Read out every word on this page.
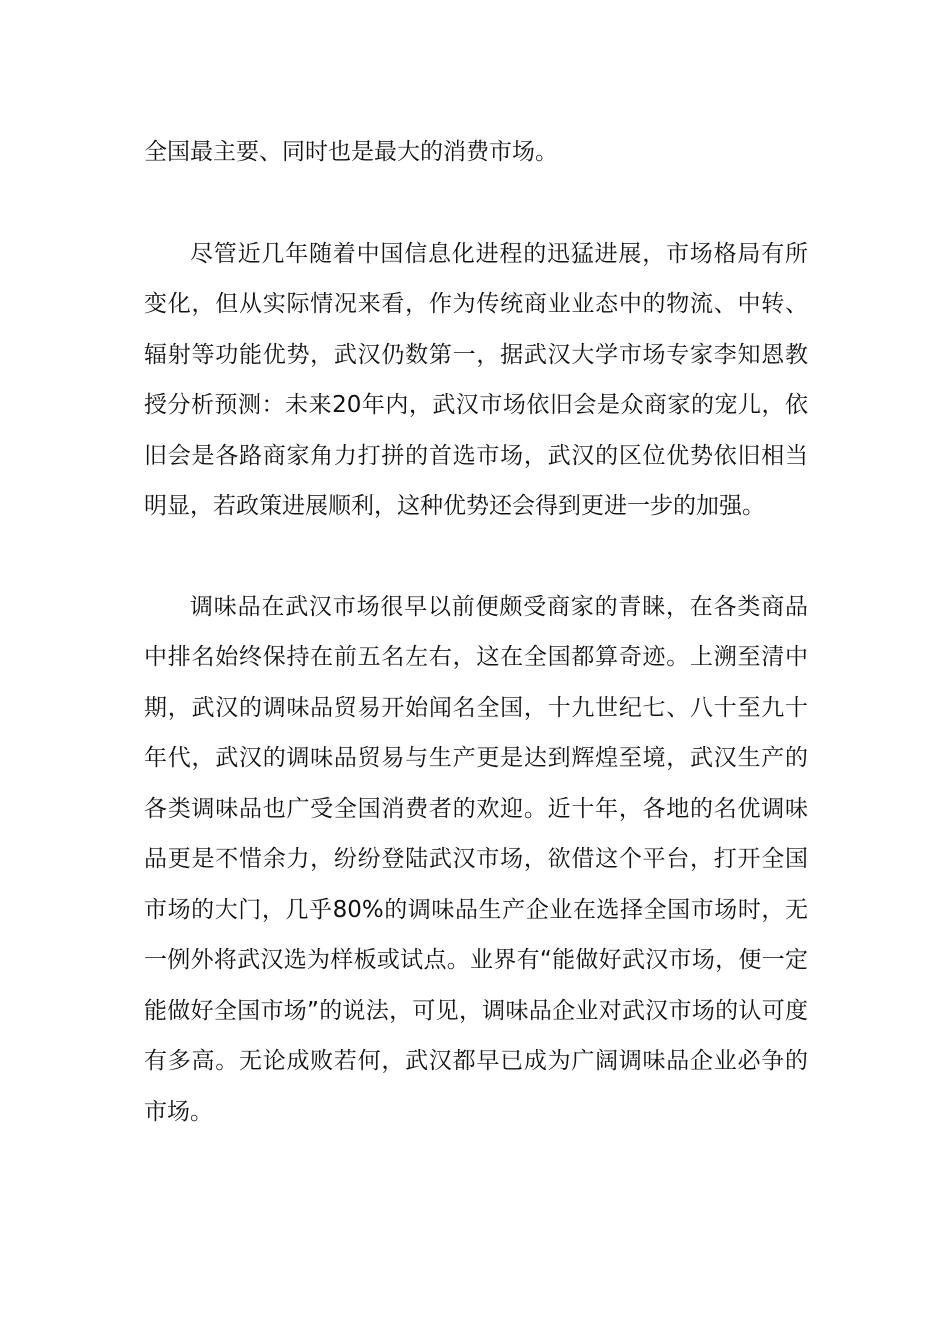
全国最主要、同时也是最大的消费市场。

尽管近几年随着中国信息化进程的迅猛进展，市场格局有所变化，但从实际情况来看，作为传统商业业态中的物流、中转、辐射等功能优势，武汉仍数第一，据武汉大学市场专家李知恩教授分析预测：未来20年内，武汉市场依旧会是众商家的宠儿，依旧会是各路商家角力打拼的首选市场，武汉的区位优势依旧相当明显，若政策进展顺利，这种优势还会得到更进一步的加强。

调味品在武汉市场很早以前便颇受商家的青睐，在各类商品中排名始终保持在前五名左右，这在全国都算奇迹。上溯至清中期，武汉的调味品贸易开始闻名全国，十九世纪七、八十至九十年代，武汉的调味品贸易与生产更是达到辉煌至境，武汉生产的各类调味品也广受全国消费者的欢迎。近十年，各地的名优调味品更是不惜余力，纷纷登陆武汉市场，欲借这个平台，打开全国市场的大门，几乎80%的调味品生产企业在选择全国市场时，无一例外将武汉选为样板或试点。业界有“能做好武汉市场，便一定能做好全国市场”的说法，可见，调味品企业对武汉市场的认可度有多高。无论成败若何，武汉都早已成为广阔调味品企业必争的市场。
